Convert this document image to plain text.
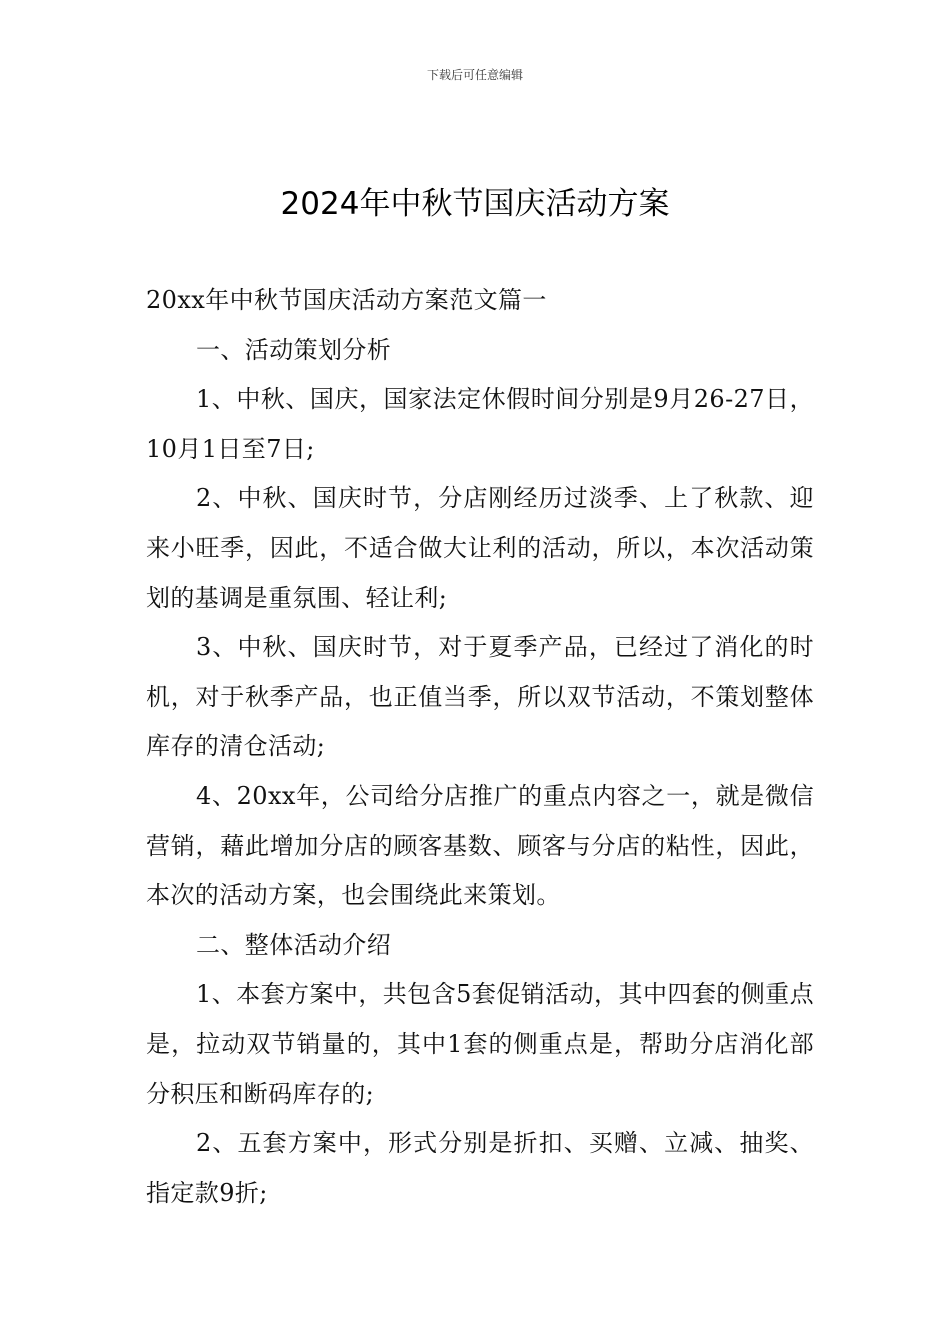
下载后可任意编辑
2024年中秋节国庆活动方案

20xx年中秋节国庆活动方案范文篇一

一、活动策划分析

1、中秋、国庆，国家法定休假时间分别是9月26-27日，10月1日至7日;

2、中秋、国庆时节，分店刚经历过淡季、上了秋款、迎来小旺季，因此，不适合做大让利的活动，所以，本次活动策划的基调是重氛围、轻让利;

3、中秋、国庆时节，对于夏季产品，已经过了消化的时机，对于秋季产品，也正值当季，所以双节活动，不策划整体库存的清仓活动;

4、20xx年，公司给分店推广的重点内容之一，就是微信营销，藉此增加分店的顾客基数、顾客与分店的粘性，因此，本次的活动方案，也会围绕此来策划。

二、整体活动介绍

1、本套方案中，共包含5套促销活动，其中四套的侧重点是，拉动双节销量的，其中1套的侧重点是，帮助分店消化部分积压和断码库存的;

2、五套方案中，形式分别是折扣、买赠、立减、抽奖、指定款9折;
